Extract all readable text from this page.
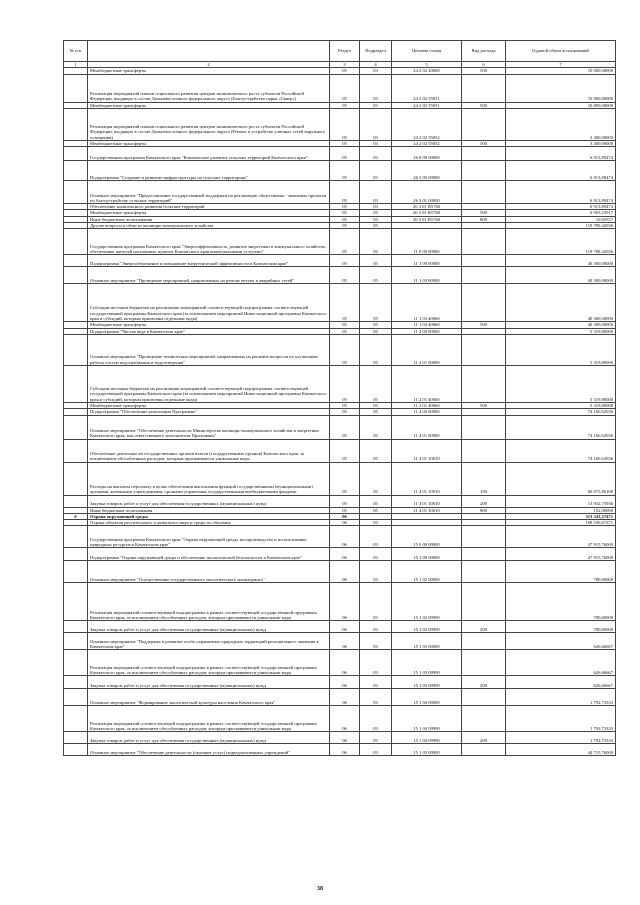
№ п/п		Раздел	Подраздел	Целевая статья	Вид расхода	Годовой объем ассигнований
1	2	3	4	5	6	7
	Межбюджетные трансферты	05	03	24 2 02 40060	500	10 000,00000
	Реализация мероприятий планов социального развития центров экономического роста субъектов Российской Федерации, входящих в состав Дальневосточного федерального округа (Благоустройство парка «Сквер»)	05	03	24 2 02 55051		10 800,00000
	Межбюджетные трансферты	05	03	24 2 02 55051	500	10 800,00000
	Реализация мероприятий планов социального развития центров экономического роста субъектов Российской Федерации, входящих в состав Дальневосточного федерального округа (Ремонт и устройство уличных сетей наружного освещения)	05	03	24 2 02 55052		3 400,00000
	Межбюджетные трансферты	05	03	24 2 02 55052	500	3 400,00000
	Государственная программа Камчатского края "Комплексное развитие сельских территорий Камчатского края"	05	03	26 0 00 00000		6 913,89474
	Подпрограмма "Создание и развитие инфраструктуры на сельских территориях"	05	03	26 3 00 00000		6 913,89474
	Основное мероприятие "Предоставление государственной поддержки на реализацию общественно - значимых проектов по благоустройству сельских территорий"	05	03	26 3 01 00000		6 913,89474
	Обеспечение комплексного развития сельских территорий	05	03	26 3 01 R5760		6 913,89474
	Межбюджетные трансферты	05	03	26 3 01 R5760	500	6 903,23917
	Иные бюджетные ассигнования	05	03	26 3 01 R5760	800	10,65557
	Другие вопросы в области жилищно-коммунального хозяйства	05	05			119 780,42036
	Государственная программа Камчатского края "Энергоэффективность, развитие энергетики и коммунального хозяйства, обеспечение жителей населенных пунктов Камчатского края коммунальными услугами"	05	05	11 0 00 00000		119 780,42036
	Подпрограмма "Энергосбережение и повышение энергетической эффективности в Камчатском крае"	05	05	11 1 00 00000		40 300,00000
	Основное мероприятие "Проведение мероприятий, направленных на ремонт ветхих и аварийных сетей"	05	05	11 1 03 00000		40 300,00000
	Субсидии местным бюджетам на реализацию мероприятий соответствующей подпрограммы соответствующей государственной программы Камчатского края (за исключением мероприятий Инвестиционной программы Камчатского края и субсидий, которым присвоены отдельные коды)	05	05	11 1 03 40060		40 300,00000
	Межбюджетные трансферты	05	05	11 1 03 40060	500	40 300,00000
	Подпрограмма "Чистая вода в Камчатском крае"	05	05	11 2 00 00000		5 319,80000
	Основное мероприятие "Проведение технических мероприятий, направленных на решение вопросов по улучшению работы систем водоснабжения и водоотведения"	05	05	11 2 01 00000		5 319,80000
	Субсидии местным бюджетам на реализацию мероприятий соответствующей подпрограммы соответствующей государственной программы Камчатского края (за исключением мероприятий Инвестиционной программы Камчатского края и субсидий, которым присвоены отдельные коды)	05	05	11 2 01 40060		5 319,80000
	Межбюджетные трансферты	05	05	11 2 01 40060	500	5 319,80000
	Подпрограмма "Обеспечение реализации Программы"	05	05	11 4 00 00000		74 160,62036
	Основное мероприятие "Обеспечение деятельности Министерства жилищно-коммунального хозяйства и энергетики Камчатского края, как ответственного исполнителя Программы"	05	05	11 4 01 00000		74 160,62036
	Обеспечение деятельности государственных органов власти (государственных органов) Камчатского края, за исключением обособленных расходов, которым присваиваются уникальные коды	05	05	11 4 01 10010		74 160,62036
	Расходы на выплаты персоналу в целях обеспечения выполнения функций государственными (муниципальными) органами, казенными учреждениями, органами управления государственными внебюджетными фондами	05	05	11 4 01 10010	100	60 075,86100
	Закупка товаров, работ и услуг для обеспечения государственных (муниципальных) нужд	05	05	11 4 01 10010	200	13 932,75936
	Иные бюджетные ассигнования	05	05	11 4 01 10010	800	152,00000
6	Охрана окружающей среды	06				313 343,37471
	Охрана объектов растительного и животного мира и среды их обитания	06	03			108 536,67271
	Государственная программа Камчатского края "Охрана окружающей среды, воспроизводство и использование природных ресурсов в Камчатском крае"	06	03	15 0 00 00000		47 915,76000
	Подпрограмма "Охрана окружающей среды и обеспечение экологической безопасности в Камчатском крае"	06	03	15 1 00 00000		47 915,76000
	Основное мероприятие "Осуществление государственного экологического мониторинга"	06	03	15 1 02 00000		780,60000
	Реализация мероприятий соответствующей подпрограммы в рамках соответствующей государственной программы Камчатского края, за исключением обособленных расходов, которым присваиваются уникальные коды	06	03	15 1 02 09990		780,60000
	Закупка товаров, работ и услуг для обеспечения государственных (муниципальных) нужд	06	03	15 1 02 09990	200	780,60000
	Основное мероприятие "Поддержка и развитие особо охраняемых природных территорий регионального значения в Камчатском крае"	06	03	15 1 03 00000		626,66667
	Реализация мероприятий соответствующей подпрограммы в рамках соответствующей государственной программы Камчатского края, за исключением обособленных расходов, которым присваиваются уникальные коды	06	03	15 1 03 09990		626,66667
	Закупка товаров, работ и услуг для обеспечения государственных (муниципальных) нужд	06	03	15 1 03 09990	200	626,66667
	Основное мероприятие "Формирование экологической культуры населения Камчатского края"	06	03	15 1 04 00000		1 792,73333
	Реализация мероприятий соответствующей подпрограммы в рамках соответствующей государственной программы Камчатского края, за исключением обособленных расходов, которым присваиваются уникальные коды	06	03	15 1 04 09990		1 792,73333
	Закупка товаров, работ и услуг для обеспечения государственных (муниципальных) нужд	06	03	15 1 04 09990	200	1 792,73333
	Основное мероприятие "Обеспечение деятельности (оказание услуг) подведомственных учреждений"	06	03	15 1 05 00000		44 715,76000
38
